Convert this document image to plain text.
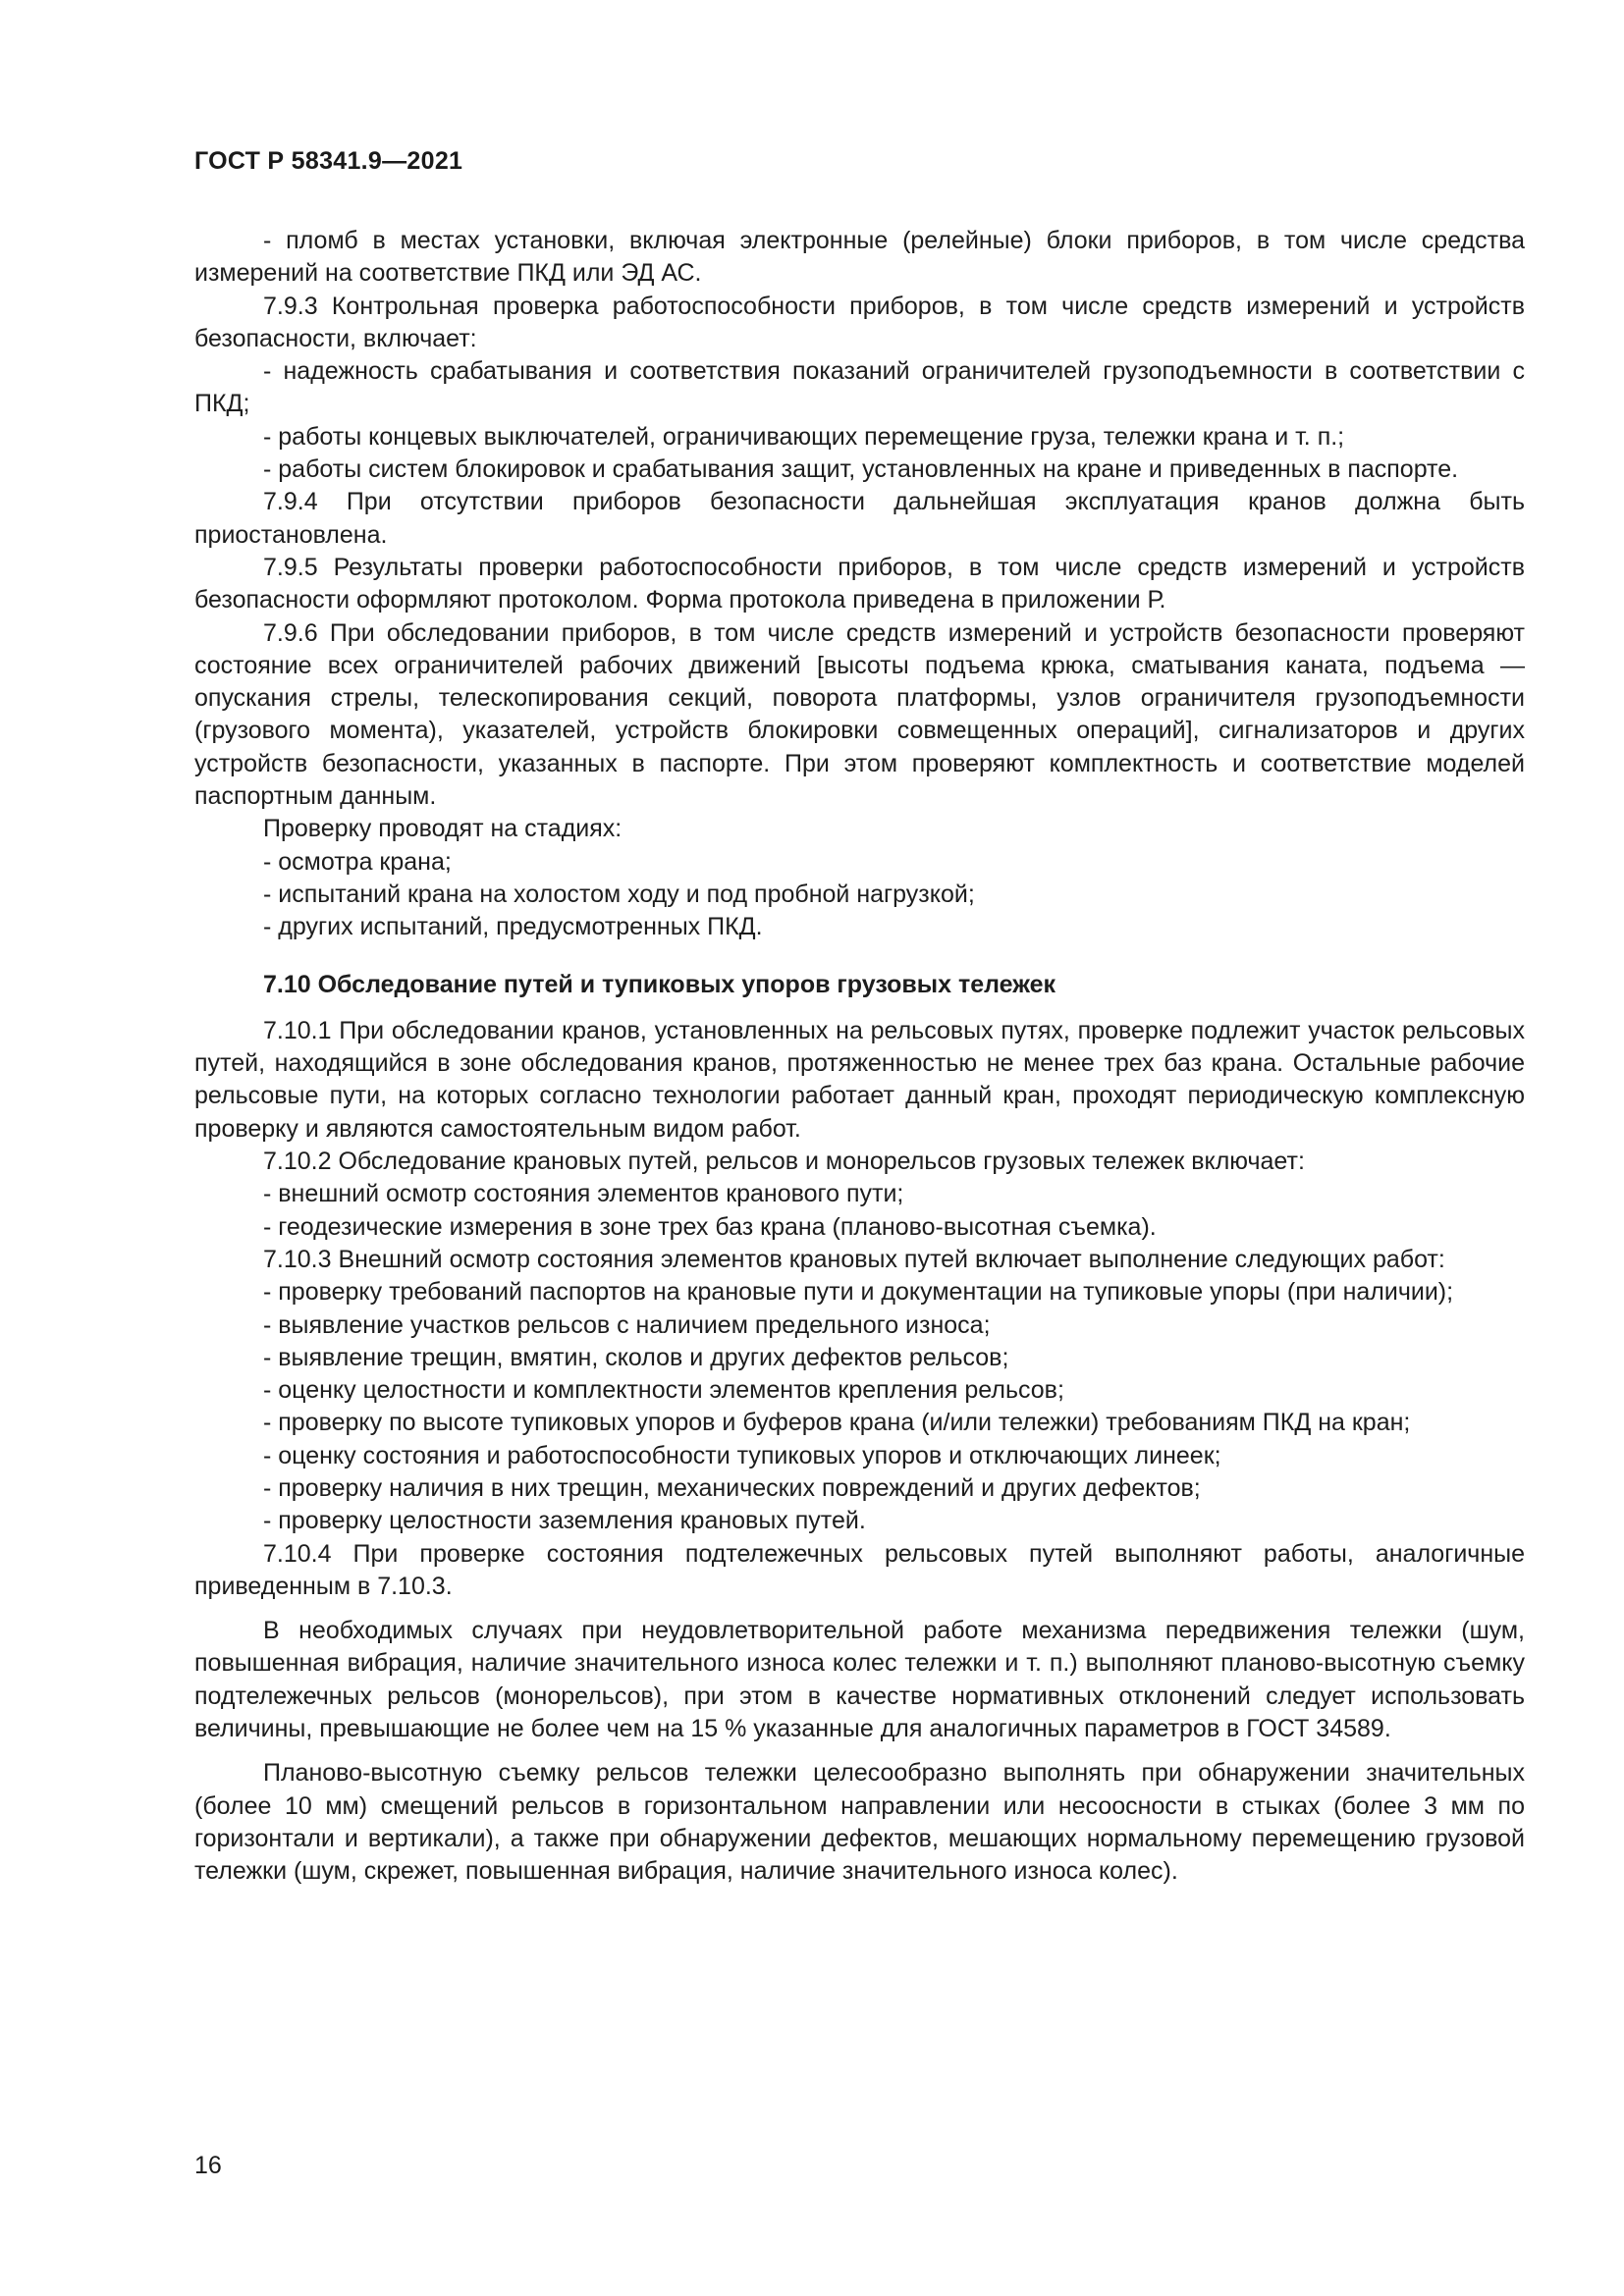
ГОСТ Р 58341.9—2021

- пломб в местах установки, включая электронные (релейные) блоки приборов, в том числе средства измерений на соответствие ПКД или ЭД АС.

7.9.3 Контрольная проверка работоспособности приборов, в том числе средств измерений и устройств безопасности, включает:

- надежность срабатывания и соответствия показаний ограничителей грузоподъемности в соответствии с ПКД;

- работы концевых выключателей, ограничивающих перемещение груза, тележки крана и т. п.;

- работы систем блокировок и срабатывания защит, установленных на кране и приведенных в паспорте.

7.9.4 При отсутствии приборов безопасности дальнейшая эксплуатация кранов должна быть приостановлена.

7.9.5 Результаты проверки работоспособности приборов, в том числе средств измерений и устройств безопасности оформляют протоколом. Форма протокола приведена в приложении Р.

7.9.6 При обследовании приборов, в том числе средств измерений и устройств безопасности проверяют состояние всех ограничителей рабочих движений [высоты подъема крюка, сматывания каната, подъема — опускания стрелы, телескопирования секций, поворота платформы, узлов ограничителя грузоподъемности (грузового момента), указателей, устройств блокировки совмещенных операций], сигнализаторов и других устройств безопасности, указанных в паспорте. При этом проверяют комплектность и соответствие моделей паспортным данным.

Проверку проводят на стадиях:

- осмотра крана;

- испытаний крана на холостом ходу и под пробной нагрузкой;

- других испытаний, предусмотренных ПКД.

7.10 Обследование путей и тупиковых упоров грузовых тележек

7.10.1 При обследовании кранов, установленных на рельсовых путях, проверке подлежит участок рельсовых путей, находящийся в зоне обследования кранов, протяженностью не менее трех баз крана. Остальные рабочие рельсовые пути, на которых согласно технологии работает данный кран, проходят периодическую комплексную проверку и являются самостоятельным видом работ.

7.10.2 Обследование крановых путей, рельсов и монорельсов грузовых тележек включает:

- внешний осмотр состояния элементов кранового пути;

- геодезические измерения в зоне трех баз крана (планово-высотная съемка).

7.10.3 Внешний осмотр состояния элементов крановых путей включает выполнение следующих работ:

- проверку требований паспортов на крановые пути и документации на тупиковые упоры (при наличии);

- выявление участков рельсов с наличием предельного износа;

- выявление трещин, вмятин, сколов и других дефектов рельсов;

- оценку целостности и комплектности элементов крепления рельсов;

- проверку по высоте тупиковых упоров и буферов крана (и/или тележки) требованиям ПКД на кран;

- оценку состояния и работоспособности тупиковых упоров и отключающих линеек;

- проверку наличия в них трещин, механических повреждений и других дефектов;

- проверку целостности заземления крановых путей.

7.10.4 При проверке состояния подтележечных рельсовых путей выполняют работы, аналогичные приведенным в 7.10.3.

В необходимых случаях при неудовлетворительной работе механизма передвижения тележки (шум, повышенная вибрация, наличие значительного износа колес тележки и т. п.) выполняют планово-высотную съемку подтележечных рельсов (монорельсов), при этом в качестве нормативных отклонений следует использовать величины, превышающие не более чем на 15 % указанные для аналогичных параметров в ГОСТ 34589.

Планово-высотную съемку рельсов тележки целесообразно выполнять при обнаружении значительных (более 10 мм) смещений рельсов в горизонтальном направлении или несоосности в стыках (более 3 мм по горизонтали и вертикали), а также при обнаружении дефектов, мешающих нормальному перемещению грузовой тележки (шум, скрежет, повышенная вибрация, наличие значительного износа колес).

16
